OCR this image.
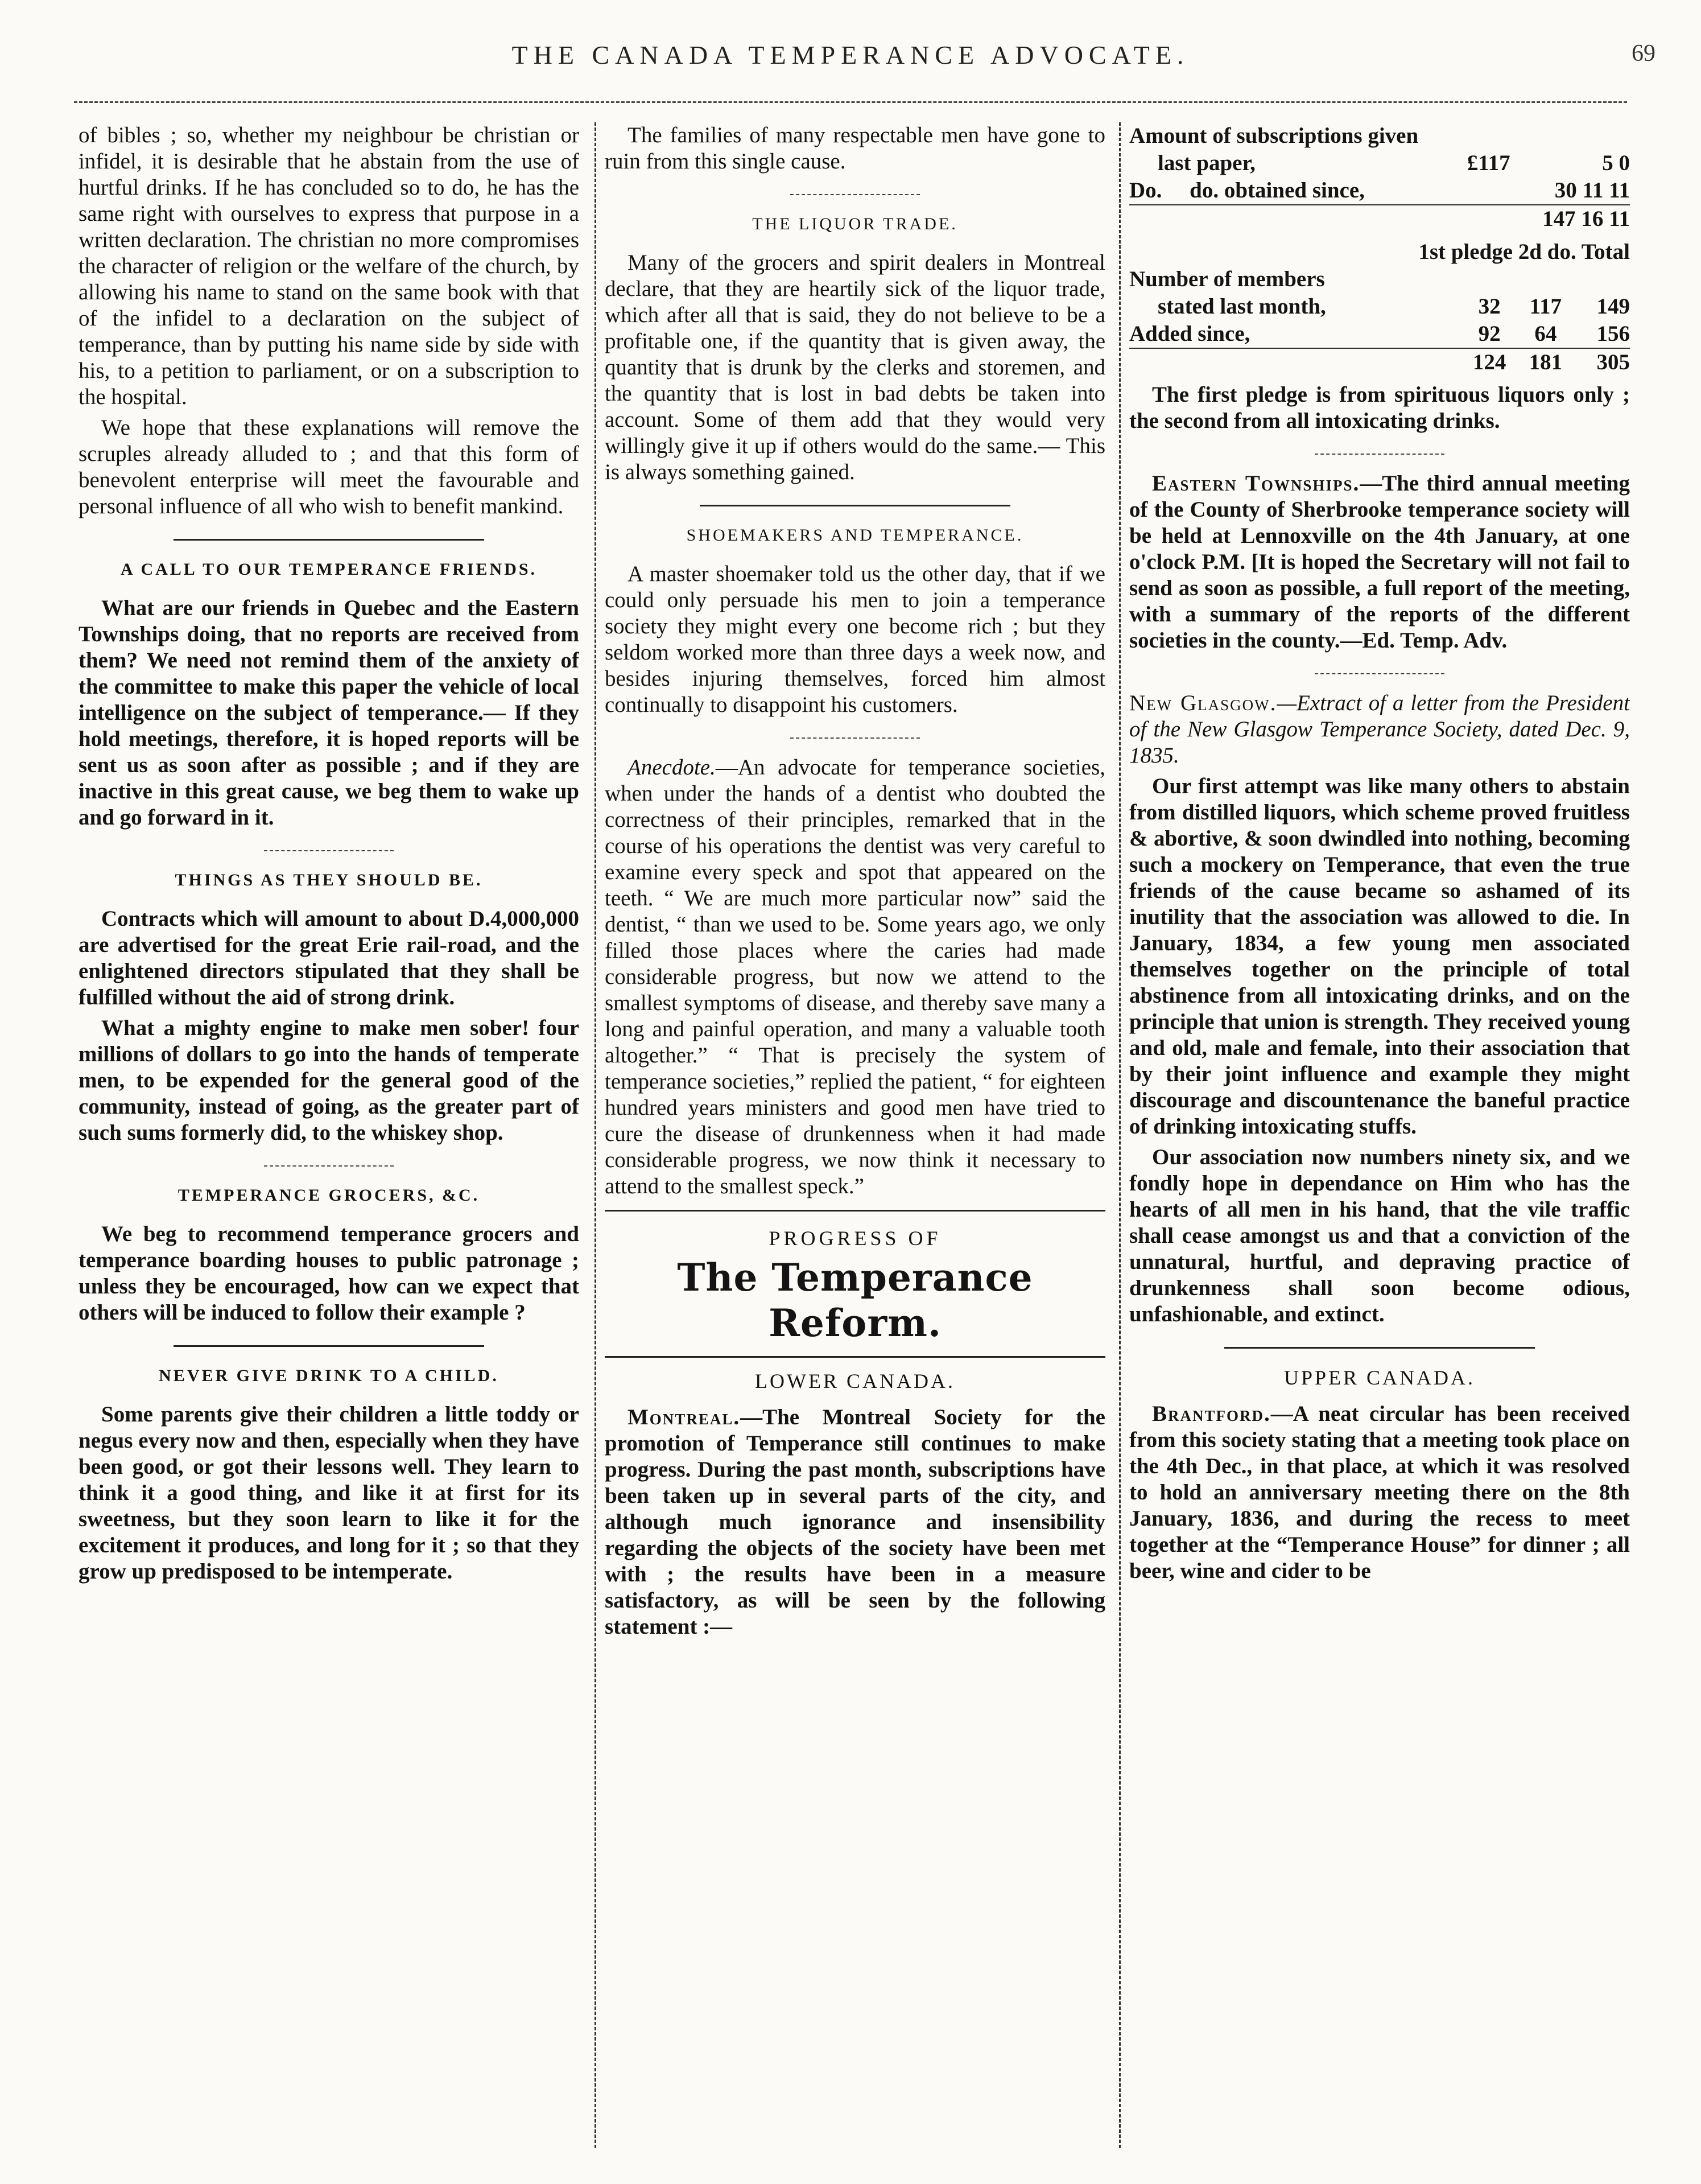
THE CANADA TEMPERANCE ADVOCATE.	69

of bibles ; so, whether my neighbour be christian or infidel, it is desirable that he abstain from the use of hurtful drinks. If he has concluded so to do, he has the same right with ourselves to express that purpose in a written declaration. The christian no more compromises the character of religion or the welfare of the church, by allowing his name to stand on the same book with that of the infidel to a declaration on the subject of temperance, than by putting his name side by side with his, to a petition to parliament, or on a subscription to the hospital.

We hope that these explanations will remove the scruples already alluded to ; and that this form of benevolent enterprise will meet the favourable and personal influence of all who wish to benefit mankind.

A CALL TO OUR TEMPERANCE FRIENDS.

What are our friends in Quebec and the Eastern Townships doing, that no reports are received from them? We need not remind them of the anxiety of the committee to make this paper the vehicle of local intelligence on the subject of temperance.— If they hold meetings, therefore, it is hoped reports will be sent us as soon after as possible ; and if they are inactive in this great cause, we beg them to wake up and go forward in it.

THINGS AS THEY SHOULD BE.

Contracts which will amount to about D.4,000,000 are advertised for the great Erie rail-road, and the enlightened directors stipulated that they shall be fulfilled without the aid of strong drink.

What a mighty engine to make men sober! four millions of dollars to go into the hands of temperate men, to be expended for the general good of the community, instead of going, as the greater part of such sums formerly did, to the whiskey shop.

TEMPERANCE GROCERS, &C.

We beg to recommend temperance grocers and temperance boarding houses to public patronage ; unless they be encouraged, how can we expect that others will be induced to follow their example ?

NEVER GIVE DRINK TO A CHILD.

Some parents give their children a little toddy or negus every now and then, especially when they have been good, or got their lessons well. They learn to think it a good thing, and like it at first for its sweetness, but they soon learn to like it for the excitement it produces, and long for it ; so that they grow up predisposed to be intemperate.

The families of many respectable men have gone to ruin from this single cause.

THE LIQUOR TRADE.

Many of the grocers and spirit dealers in Montreal declare, that they are heartily sick of the liquor trade, which after all that is said, they do not believe to be a profitable one, if the quantity that is given away, the quantity that is drunk by the clerks and storemen, and the quantity that is lost in bad debts be taken into account. Some of them add that they would very willingly give it up if others would do the same.— This is always something gained.

SHOEMAKERS AND TEMPERANCE.

A master shoemaker told us the other day, that if we could only persuade his men to join a temperance society they might every one become rich ; but they seldom worked more than three days a week now, and besides injuring themselves, forced him almost continually to disappoint his customers.

Anecdote.—An advocate for temperance societies, when under the hands of a dentist who doubted the correctness of their principles, remarked that in the course of his operations the dentist was very careful to examine every speck and spot that appeared on the teeth. “ We are much more particular now” said the dentist, “ than we used to be. Some years ago, we only filled those places where the caries had made considerable progress, but now we attend to the smallest symptoms of disease, and thereby save many a long and painful operation, and many a valuable tooth altogether.” “ That is precisely the system of temperance societies,” replied the patient, “ for eighteen hundred years ministers and good men have tried to cure the disease of drunkenness when it had made considerable progress, we now think it necessary to attend to the smallest speck.”

PROGRESS OF
The Temperance Reform.
LOWER CANADA.

Montreal.—The Montreal Society for the promotion of Temperance still continues to make progress. During the past month, subscriptions have been taken up in several parts of the city, and although much ignorance and insensibility regarding the objects of the society have been met with ; the results have been in a measure satisfactory, as will be seen by the following statement :—

Amount of subscriptions given		
last paper,	£117	5 0
Do. do. obtained since,		30 11 11
		147 16 11
1st pledge 2d do. Total			
Number of members			
stated last month,	32	117	149
Added since,	92	64	156
	124	181	305

The first pledge is from spirituous liquors only ; the second from all intoxicating drinks.

Eastern Townships.—The third annual meeting of the County of Sherbrooke temperance society will be held at Lennoxville on the 4th January, at one o'clock P.M. [It is hoped the Secretary will not fail to send as soon as possible, a full report of the meeting, with a summary of the reports of the different societies in the county.—Ed. Temp. Adv.

New Glasgow.—Extract of a letter from the President of the New Glasgow Temperance Society, dated Dec. 9, 1835.

Our first attempt was like many others to abstain from distilled liquors, which scheme proved fruitless & abortive, & soon dwindled into nothing, becoming such a mockery on Temperance, that even the true friends of the cause became so ashamed of its inutility that the association was allowed to die. In January, 1834, a few young men associated themselves together on the principle of total abstinence from all intoxicating drinks, and on the principle that union is strength. They received young and old, male and female, into their association that by their joint influence and example they might discourage and discountenance the baneful practice of drinking intoxicating stuffs.

Our association now numbers ninety six, and we fondly hope in dependance on Him who has the hearts of all men in his hand, that the vile traffic shall cease amongst us and that a conviction of the unnatural, hurtful, and depraving practice of drunkenness shall soon become odious, unfashionable, and extinct.

UPPER CANADA.

Brantford.—A neat circular has been received from this society stating that a meeting took place on the 4th Dec., in that place, at which it was resolved to hold an anniversary meeting there on the 8th January, 1836, and during the recess to meet together at the “Temperance House” for dinner ; all beer, wine and cider to be
